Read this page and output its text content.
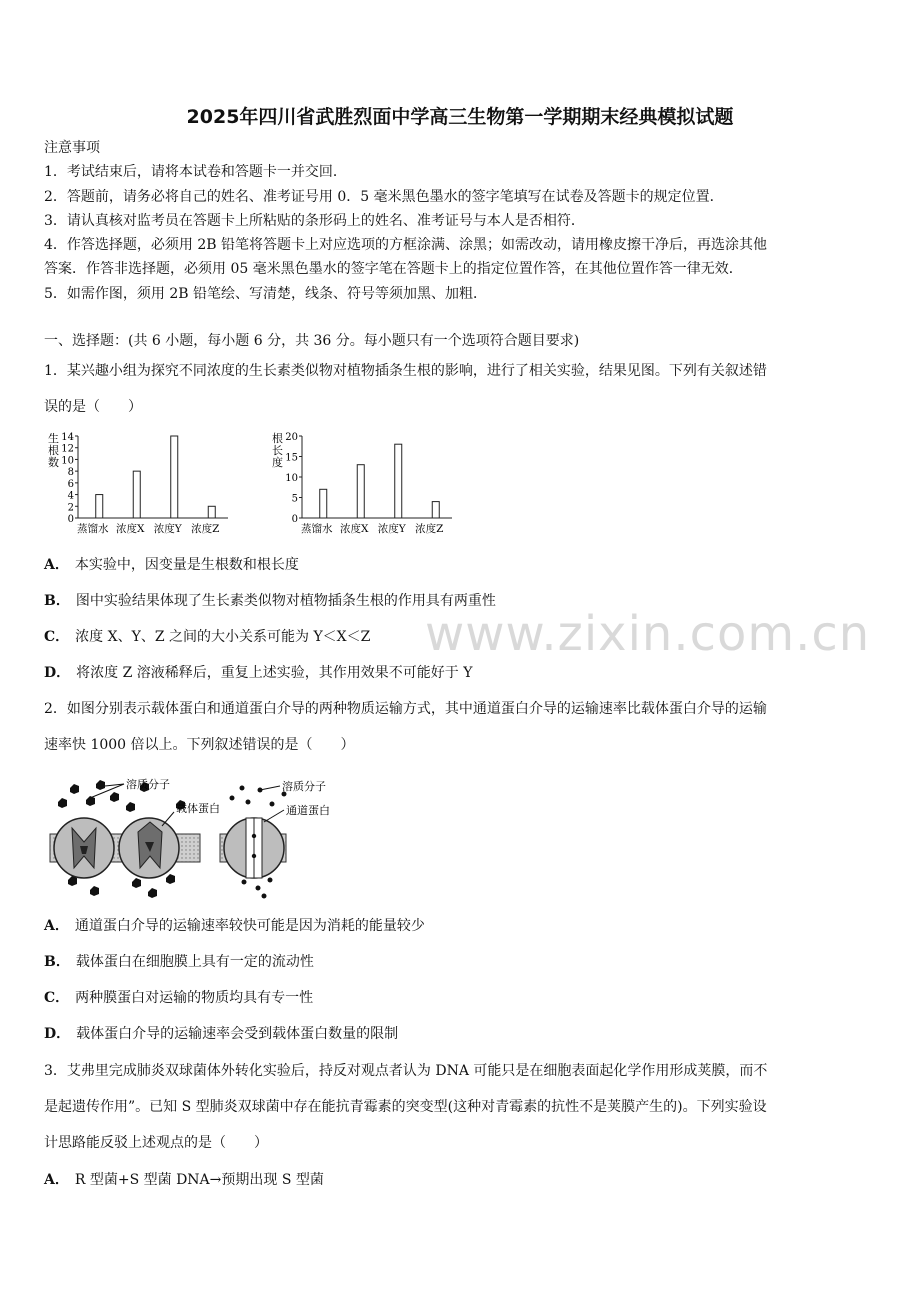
2025年四川省武胜烈面中学高三生物第一学期期末经典模拟试题
注意事项
1．考试结束后，请将本试卷和答题卡一并交回．
2．答题前，请务必将自己的姓名、准考证号用 0．5 毫米黑色墨水的签字笔填写在试卷及答题卡的规定位置．
3．请认真核对监考员在答题卡上所粘贴的条形码上的姓名、准考证号与本人是否相符．
4．作答选择题，必须用 2B 铅笔将答题卡上对应选项的方框涂满、涂黑；如需改动，请用橡皮擦干净后，再选涂其他
答案．作答非选择题，必须用 05 毫米黑色墨水的签字笔在答题卡上的指定位置作答，在其他位置作答一律无效．
5．如需作图，须用 2B 铅笔绘、写清楚，线条、符号等须加黑、加粗．
一、选择题：(共 6 小题，每小题 6 分，共 36 分。每小题只有一个选项符合题目要求)
1．某兴趣小组为探究不同浓度的生长素类似物对植物插条生根的影响，进行了相关实验，结果见图。下列有关叙述错
误的是（　　）
生
根
数
0
2
4
6
8
10
12
14
蒸馏水 浓度X 浓度Y 浓度Z
根
长
度
0
5
10
15
20
蒸馏水 浓度X 浓度Y 浓度Z
A． 本实验中，因变量是生根数和根长度
B． 图中实验结果体现了生长素类似物对植物插条生根的作用具有两重性
C． 浓度 X、Y、Z 之间的大小关系可能为 Y＜X＜Z
D． 将浓度 Z 溶液稀释后，重复上述实验，其作用效果不可能好于 Y
2．如图分别表示载体蛋白和通道蛋白介导的两种物质运输方式，其中通道蛋白介导的运输速率比载体蛋白介导的运输
速率快 1000 倍以上。下列叙述错误的是（　　）
溶质分子
载体蛋白
溶质分子
通道蛋白
A． 通道蛋白介导的运输速率较快可能是因为消耗的能量较少
B． 载体蛋白在细胞膜上具有一定的流动性
C． 两种膜蛋白对运输的物质均具有专一性
D． 载体蛋白介导的运输速率会受到载体蛋白数量的限制
3．艾弗里完成肺炎双球菌体外转化实验后，持反对观点者认为 DNA 可能只是在细胞表面起化学作用形成荚膜，而不
是起遗传作用”。已知 S 型肺炎双球菌中存在能抗青霉素的突变型(这种对青霉素的抗性不是荚膜产生的)。下列实验设
计思路能反驳上述观点的是（　　）
A． R 型菌+S 型菌 DNA→预期出现 S 型菌
www.zixin.com.cn
